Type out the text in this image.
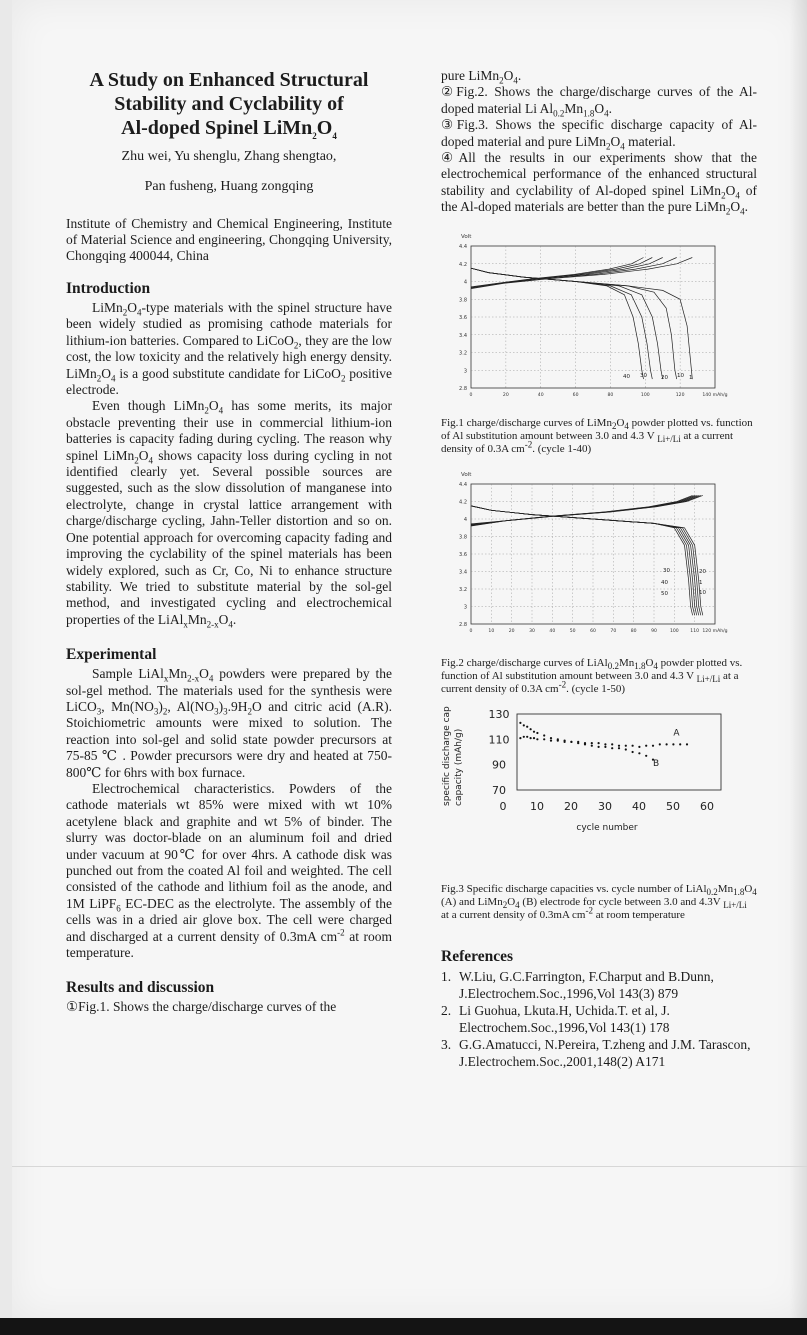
A Study on Enhanced Structural
Stability and Cyclability of
Al-doped Spinel $LiMn_2O_4$
Zhu wei, Yu shenglu, Zhang shengtao,
Pan fusheng, Huang zongqing
Institute of Chemistry and Chemical Engineering, Institute of Material Science and engineering, Chongqing University, Chongqing 400044, China
Introduction

$LiMn_2O_4$-type materials with the spinel structure have been widely studied as promising cathode materials for lithium-ion batteries. Compared to LiCoO$_2$, they are the low cost, the low toxicity and the relatively high energy density. $LiMn_2O_4$ is a good substitute candidate for LiCoO$_2$ positive electrode.

Even though $LiMn_2O_4$ has some merits, its major obstacle preventing their use in commercial lithium-ion batteries is capacity fading during cycling. The reason why spinel $LiMn_2O_4$ shows capacity loss during cycling in not identified clearly yet. Several possible sources are suggested, such as the slow dissolution of manganese into electrolyte, change in crystal lattice arrangement with charge/discharge cycling, Jahn-Teller distortion and so on. One potential approach for overcoming capacity fading and improving the cyclability of the spinel materials has been widely explored, such as Cr, Co, Ni to enhance structure stability. We tried to substitute material by the sol-gel method, and investigated cycling and electrochemical properties of the $LiAl_xMn_{2-x}O_4$.

Experimental

Sample $LiAl_xMn_{2-x}O_4$ powders were prepared by the sol-gel method. The materials used for the synthesis were LiCO$_3$, $Mn(NO_3)_2$, $Al(NO_3)_3.9H_2O$ and citric acid (A.R). Stoichiometric amounts were mixed to solution. The reaction into sol-gel and solid state powder precursors at 75-85 ℃ . Powder precursors were dry and heated at 750-800℃ for 6hrs with box furnace.

Electrochemical characteristics. Powders of the cathode materials wt 85% were mixed with wt 10% acetylene black and graphite and wt 5% of binder. The slurry was doctor-blade on an aluminum foil and dried under vacuum at 90℃ for over 4hrs. A cathode disk was punched out from the coated Al foil and weighted. The cell consisted of the cathode and lithium foil as the anode, and 1M LiPF$_6$ EC-DEC as the electrolyte. The assembly of the cells was in a dried air glove box. The cell were charged and discharged at a current density of 0.3mA $cm^{-2}$ at room temperature.

Results and discussion

①Fig.1. Shows the charge/discharge curves of the

pure $LiMn_2O_4$.

②Fig.2. Shows the charge/discharge curves of the Al-doped material Li $Al_{0.2}Mn_{1.8}O_4$.

③Fig.3. Shows the specific discharge capacity of Al-doped material and pure $LiMn_2O_4$ material.

④All the results in our experiments show that the electrochemical performance of the enhanced structural stability and cyclability of Al-doped spinel $LiMn_2O_4$ of the Al-doped materials are better than the pure $LiMn_2O_4$.

Volt
4.4
4.2
4
3.8
3.6
3.4
3.2
3
2.8
0	20	40	60	80	100	120	140 mAh/g
40 30	20 10 1
Fig.1 charge/discharge curves of $LiMn_2O_4$ powder plotted vs. function of Al substitution amount between 3.0 and 4.3 V $_{Li+/Li}$ at a current density of 0.3A $cm^{-2}$. (cycle 1-40)
Volt
4.4
4.2
4
3.8
3.6
3.4
3.2
3
2.8
0	10	20	30	40	50	60	70	80	90	100	110 120 mAh/g
30
40
50
20
1
10
Fig.2 charge/discharge curves of $LiAl_{0.2}Mn_{1.8}O_4$ powder plotted vs. function of Al substitution amount between 3.0 and 4.3 V $_{Li+/Li}$ at a current density of 0.3A $cm^{-2}$. (cycle 1-50)
specific discharge capacity capacity (mAh/g)
130
110
90
70
0 10 20 30 40 50 60
cycle number
A
B
Fig.3 Specific discharge capacities vs. cycle number of $LiAl_{0.2}Mn_{1.8}O_4$ (A) and $LiMn_2O_4$ (B) electrode for cycle between 3.0 and 4.3V $_{Li+/Li}$ at a current density of 0.3mA $cm^{-2}$ at room temperature
References
1. W.Liu, G.C.Farrington, F.Charput and B.Dunn, J.Electrochem.Soc.,1996,Vol 143(3) 879
2. Li Guohua, Lkuta.H, Uchida.T. et al, J. Electrochem.Soc.,1996,Vol 143(1) 178
3. G.G.Amatucci, N.Pereira, T.zheng and J.M. Tarascon, J.Electrochem.Soc.,2001,148(2) A171
